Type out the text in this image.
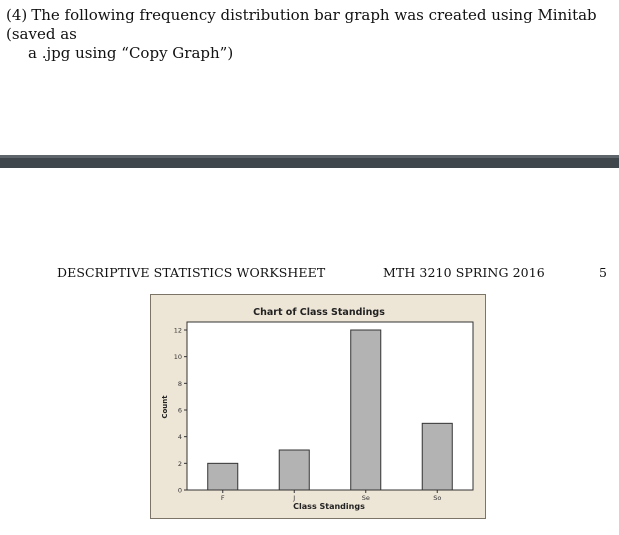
(4) The following frequency distribution bar graph was created using Minitab (saved as
a .jpg using “Copy Graph”)
DESCRIPTIVE STATISTICS WORKSHEET	MTH 3210 SPRING 2016	5
Chart of Class Standings
Class Standings
Count
0
2
4
6
8
10
12
F	J	Se	So
